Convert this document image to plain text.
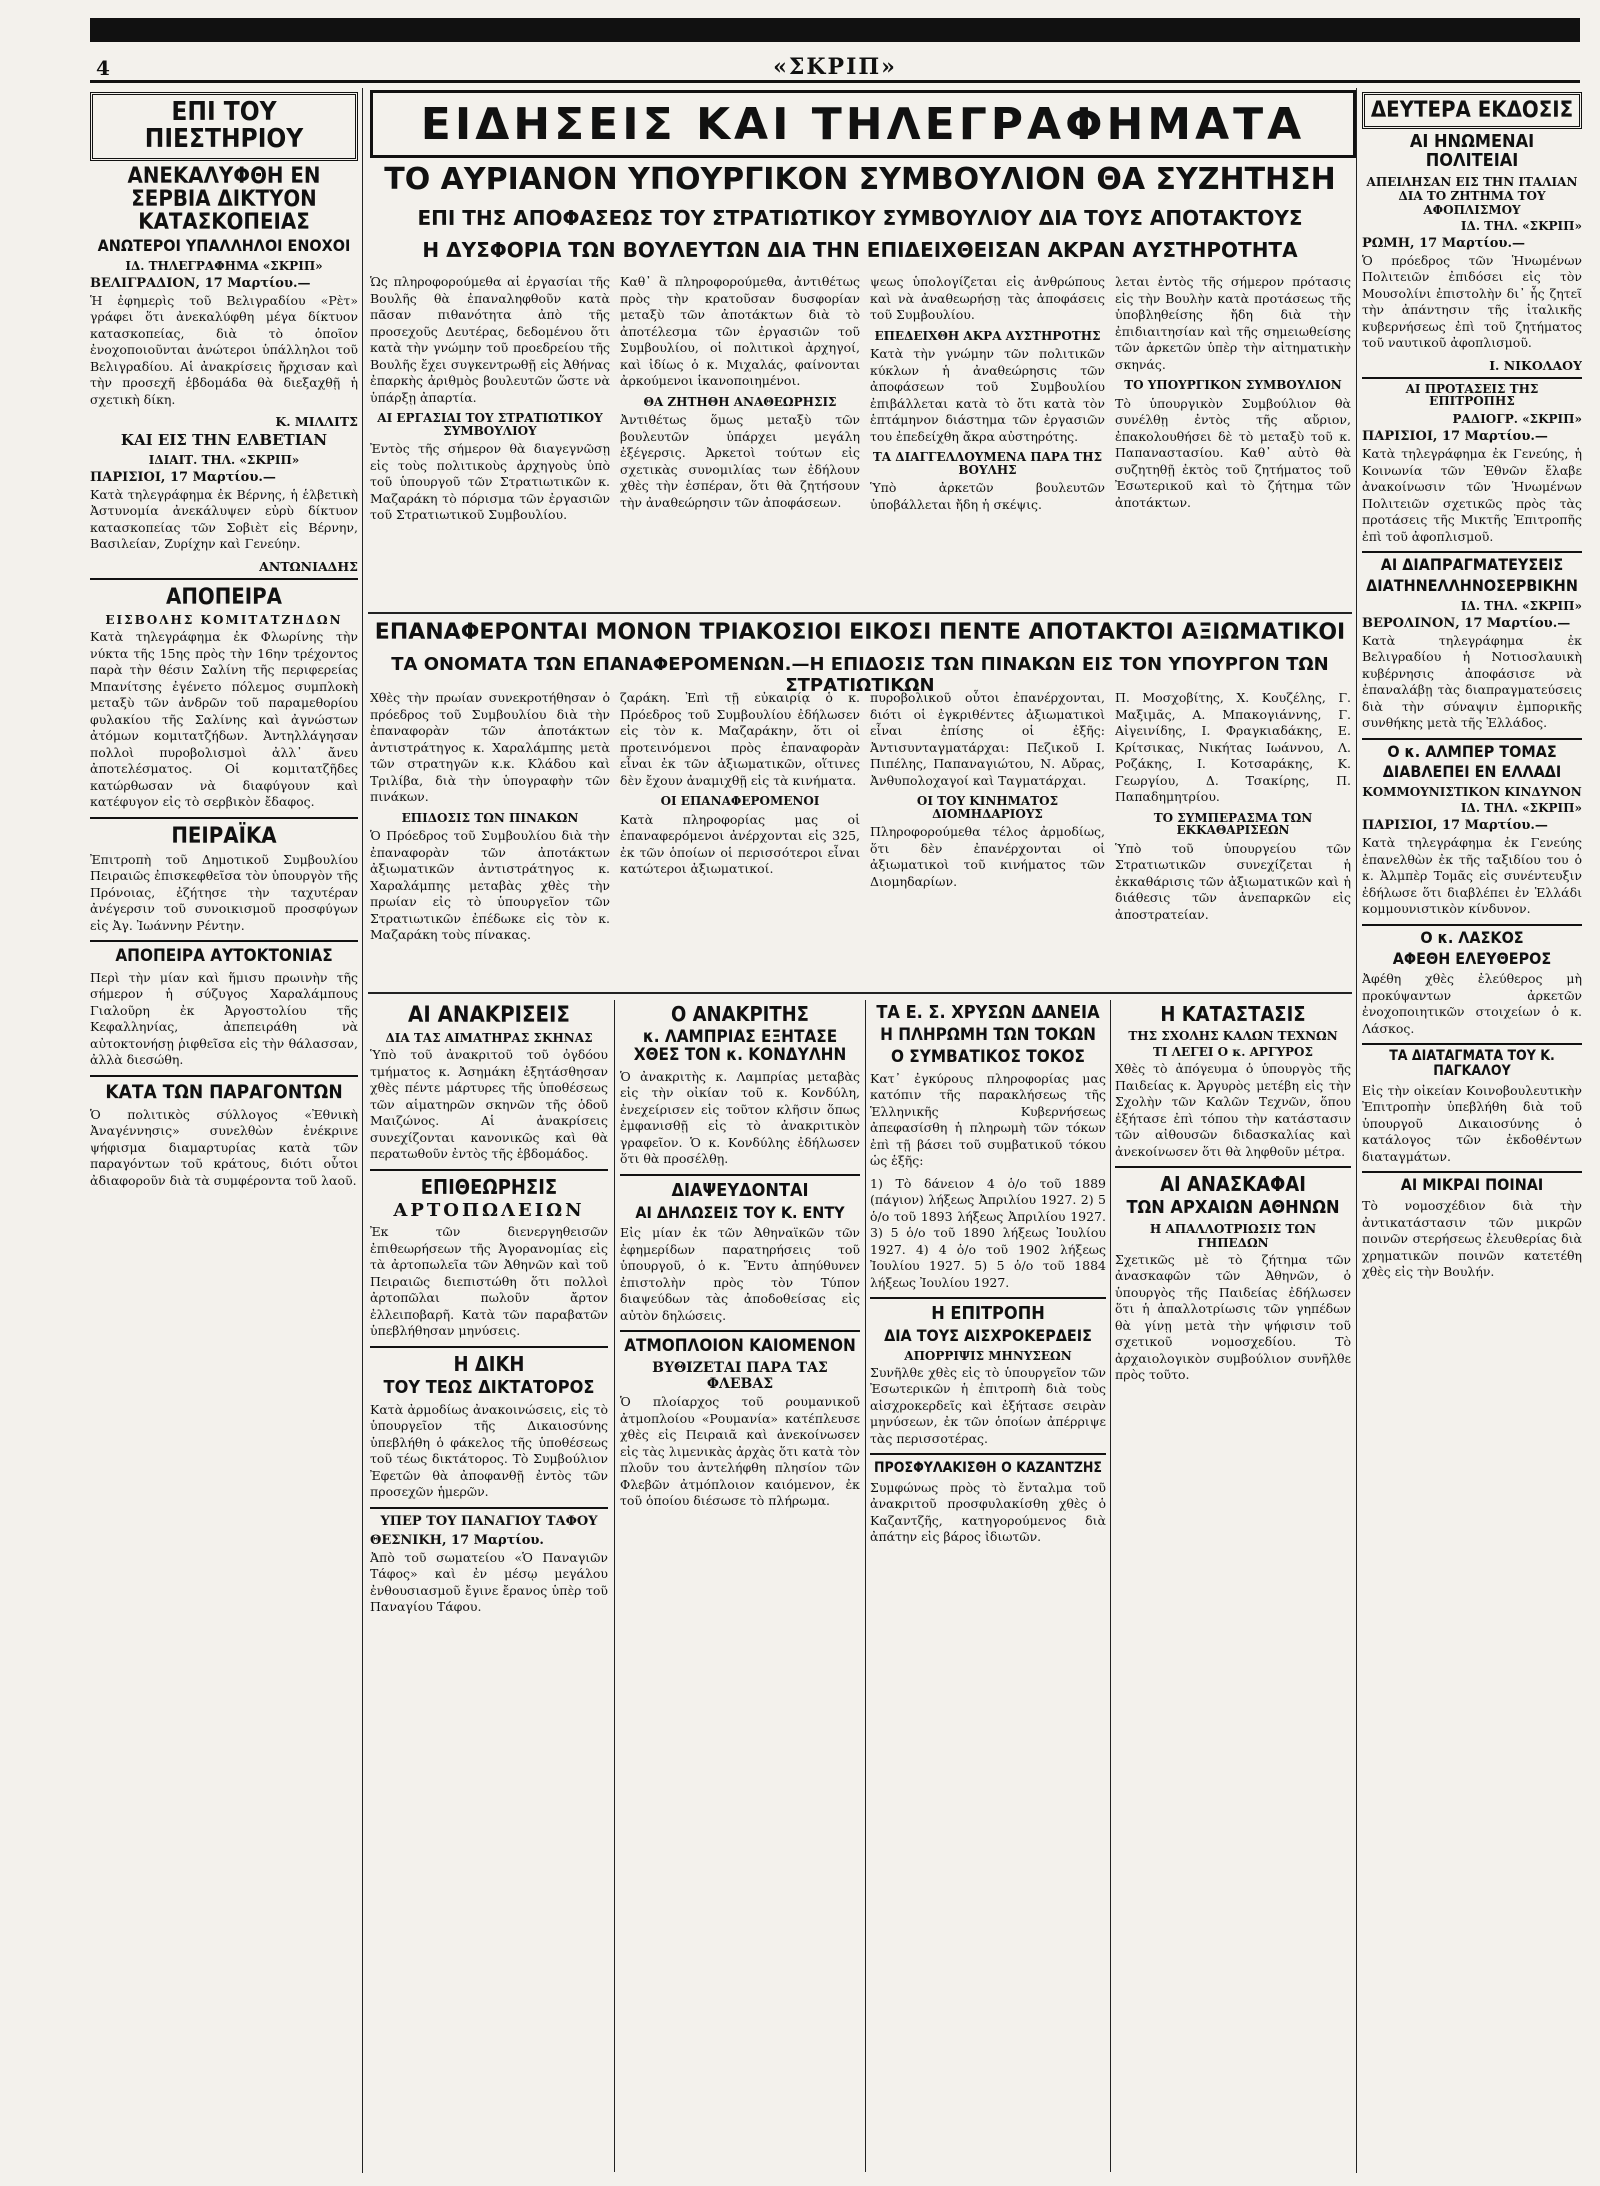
4	«ΣΚΡΙΠ»
ΕΠΙ ΤΟΥ ΠΙΕΣΤΗΡΙΟΥ
ΑΝΕΚΑΛΥΦΘΗ ΕΝ ΣΕΡΒΙΑ ΔΙΚΤΥΟΝ ΚΑΤΑΣΚΟΠΕΙΑΣ
ΑΝΩΤΕΡΟΙ ΥΠΑΛΛΗΛΟΙ ΕΝΟΧΟΙ
ΙΔ. ΤΗΛΕΓΡΑΦΗΜΑ «ΣΚΡΙΠ»
ΒΕΛΙΓΡΑΔΙΟΝ, 17 Μαρτίου.—
Ἡ ἐφημερὶς τοῦ Βελιγραδίου «Ρὲτ» γράφει ὅτι ἀνεκαλύφθη μέγα δίκτυον κατασκοπείας, διὰ τὸ ὁποῖον ἐνοχοποιοῦνται ἀνώτεροι ὑπάλληλοι τοῦ Βελιγραδίου. Αἱ ἀνακρίσεις ἤρχισαν καὶ τὴν προσεχῆ ἑβδομάδα θὰ διεξαχθῇ ἡ σχετικὴ δίκη.
Κ. ΜΙΛΛΙΤΣ
ΚΑΙ ΕΙΣ ΤΗΝ ΕΛΒΕΤΙΑΝ
ΙΔΙΑΙΤ. ΤΗΛ. «ΣΚΡΙΠ»
ΠΑΡΙΣΙΟΙ, 17 Μαρτίου.—
Κατὰ τηλεγράφημα ἐκ Βέρνης, ἡ ἑλβετικὴ Ἀστυνομία ἀνεκάλυψεν εὐρὺ δίκτυον κατασκοπείας τῶν Σοβιὲτ εἰς Βέρνην, Βασιλείαν, Ζυρίχην καὶ Γενεύην.
ΑΝΤΩΝΙΑΔΗΣ
ΑΠΟΠΕΙΡΑ
ΕΙΣΒΟΛΗΣ ΚΟΜΙΤΑΤΖΗΔΩΝ
Κατὰ τηλεγράφημα ἐκ Φλωρίνης τὴν νύκτα τῆς 15ης πρὸς τὴν 16ην τρέχοντος παρὰ τὴν θέσιν Σαλίνη τῆς περιφερείας Μπανίτσης ἐγένετο πόλεμος συμπλοκὴ μεταξὺ τῶν ἀνδρῶν τοῦ παραμεθορίου φυλακίου τῆς Σαλίνης καὶ ἀγνώστων ἀτόμων κομιτατζήδων. Ἀντηλλάγησαν πολλοὶ πυροβολισμοὶ ἀλλ᾽ ἄνευ ἀποτελέσματος. Οἱ κομιτατζῆδες κατώρθωσαν νὰ διαφύγουν καὶ κατέφυγον εἰς τὸ σερβικὸν ἔδαφος.
ΠΕΙΡΑΪΚΑ
Ἐπιτροπὴ τοῦ Δημοτικοῦ Συμβουλίου Πειραιῶς ἐπισκεφθεῖσα τὸν ὑπουργὸν τῆς Πρόνοιας, ἐζήτησε τὴν ταχυτέραν ἀνέγερσιν τοῦ συνοικισμοῦ προσφύγων εἰς Ἀγ. Ἰωάννην Ρέντην.
ΑΠΟΠΕΙΡΑ ΑΥΤΟΚΤΟΝΙΑΣ
Περὶ τὴν μίαν καὶ ἥμισυ πρωινὴν τῆς σήμερον ἡ σύζυγος Χαραλάμπους Γιαλοῦρη ἐκ Ἀργοστολίου τῆς Κεφαλληνίας, ἀπεπειράθη νὰ αὐτοκτονήσῃ ῥιφθεῖσα εἰς τὴν θάλασσαν, ἀλλὰ διεσώθη.
ΚΑΤΑ ΤΩΝ ΠΑΡΑΓΟΝΤΩΝ
Ὁ πολιτικὸς σύλλογος «Ἐθνικὴ Ἀναγέννησις» συνελθὼν ἐνέκρινε ψήφισμα διαμαρτυρίας κατὰ τῶν παραγόντων τοῦ κράτους, διότι οὗτοι ἀδιαφοροῦν διὰ τὰ συμφέροντα τοῦ λαοῦ.
ΕΙΔΗΣΕΙΣ ΚΑΙ ΤΗΛΕΓΡΑΦΗΜΑΤΑ
ΤΟ ΑΥΡΙΑΝΟΝ ΥΠΟΥΡΓΙΚΟΝ ΣΥΜΒΟΥΛΙΟΝ ΘΑ ΣΥΖΗΤΗΣΗ
ΕΠΙ ΤΗΣ ΑΠΟΦΑΣΕΩΣ ΤΟΥ ΣΤΡΑΤΙΩΤΙΚΟΥ ΣΥΜΒΟΥΛΙΟΥ ΔΙΑ ΤΟΥΣ ΑΠΟΤΑΚΤΟΥΣ
Η ΔΥΣΦΟΡΙΑ ΤΩΝ ΒΟΥΛΕΥΤΩΝ ΔΙΑ ΤΗΝ ΕΠΙΔΕΙΧΘΕΙΣΑΝ ΑΚΡΑΝ ΑΥΣΤΗΡΟΤΗΤΑ
Ὡς πληροφορούμεθα αἱ ἐργασίαι τῆς Βουλῆς θὰ ἐπαναληφθοῦν κατὰ πᾶσαν πιθανότητα ἀπὸ τῆς προσεχοῦς Δευτέρας, δεδομένου ὅτι κατὰ τὴν γνώμην τοῦ προεδρείου τῆς Βουλῆς ἔχει συγκεντρωθῇ εἰς Ἀθήνας ἐπαρκὴς ἀριθμὸς βουλευτῶν ὥστε νὰ ὑπάρξῃ ἀπαρτία.
ΑΙ ΕΡΓΑΣΙΑΙ ΤΟΥ ΣΤΡΑΤΙΩΤΙΚΟΥ ΣΥΜΒΟΥΛΙΟΥ
Ἐντὸς τῆς σήμερον θὰ διαγεγνῶσῃ εἰς τοὺς πολιτικοὺς ἀρχηγοὺς ὑπὸ τοῦ ὑπουργοῦ τῶν Στρατιωτικῶν κ. Μαζαράκη τὸ πόρισμα τῶν ἐργασιῶν τοῦ Στρατιωτικοῦ Συμβουλίου.
Καθ᾽ ἃ πληροφορούμεθα, ἀντιθέτως πρὸς τὴν κρατοῦσαν δυσφορίαν μεταξὺ τῶν ἀποτάκτων διὰ τὸ ἀποτέλεσμα τῶν ἐργασιῶν τοῦ Συμβουλίου, οἱ πολιτικοὶ ἀρχηγοί, καὶ ἰδίως ὁ κ. Μιχαλάς, φαίνονται ἀρκούμενοι ἱκανοποιημένοι.
ΘΑ ΖΗΤΗΘΗ ΑΝΑΘΕΩΡΗΣΙΣ
Ἀντιθέτως ὅμως μεταξὺ τῶν βουλευτῶν ὑπάρχει μεγάλη ἐξέγερσις. Ἀρκετοὶ τούτων εἰς σχετικὰς συνομιλίας των ἐδήλουν χθὲς τὴν ἑσπέραν, ὅτι θὰ ζητήσουν τὴν ἀναθεώρησιν τῶν ἀποφάσεων.
ψεως ὑπολογίζεται εἰς ἀνθρώπους καὶ νὰ ἀναθεωρήσῃ τὰς ἀποφάσεις τοῦ Συμβουλίου.
ΕΠΕΔΕΙΧΘΗ ΑΚΡΑ ΑΥΣΤΗΡΟΤΗΣ
Κατὰ τὴν γνώμην τῶν πολιτικῶν κύκλων ἡ ἀναθεώρησις τῶν ἀποφάσεων τοῦ Συμβουλίου ἐπιβάλλεται κατὰ τὸ ὅτι κατὰ τὸν ἑπτάμηνον διάστημα τῶν ἐργασιῶν του ἐπεδείχθη ἄκρα αὐστηρότης.
ΤΑ ΔΙΑΓΓΕΛΛΟΥΜΕΝΑ ΠΑΡΑ ΤΗΣ ΒΟΥΛΗΣ
Ὑπὸ ἀρκετῶν βουλευτῶν ὑποβάλλεται ἤδη ἡ σκέψις.
λεται ἐντὸς τῆς σήμερον πρότασις εἰς τὴν Βουλὴν κατὰ προτάσεως τῆς ὑποβληθείσης ἤδη διὰ τὴν ἐπιδιαιτησίαν καὶ τῆς σημειωθείσης τῶν ἀρκετῶν ὑπὲρ τὴν αἰτηματικὴν σκηνάς.
ΤΟ ΥΠΟΥΡΓΙΚΟΝ ΣΥΜΒΟΥΛΙΟΝ
Τὸ ὑπουργικὸν Συμβούλιον θὰ συνέλθῃ ἐντὸς τῆς αὔριον, ἐπακολουθήσει δὲ τὸ μεταξὺ τοῦ κ. Παπαναστασίου. Καθ᾽ αὐτὸ θὰ συζητηθῇ ἐκτὸς τοῦ ζητήματος τοῦ Ἐσωτερικοῦ καὶ τὸ ζήτημα τῶν ἀποτάκτων.
ΕΠΑΝΑΦΕΡΟΝΤΑΙ ΜΟΝΟΝ ΤΡΙΑΚΟΣΙΟΙ ΕΙΚΟΣΙ ΠΕΝΤΕ ΑΠΟΤΑΚΤΟΙ ΑΞΙΩΜΑΤΙΚΟΙ
ΤΑ ΟΝΟΜΑΤΑ ΤΩΝ ΕΠΑΝΑΦΕΡΟΜΕΝΩΝ.—Η ΕΠΙΔΟΣΙΣ ΤΩΝ ΠΙΝΑΚΩΝ ΕΙΣ ΤΟΝ ΥΠΟΥΡΓΟΝ ΤΩΝ ΣΤΡΑΤΙΩΤΙΚΩΝ
Χθὲς τὴν πρωίαν συνεκροτήθησαν ὁ πρόεδρος τοῦ Συμβουλίου διὰ τὴν ἐπαναφορὰν τῶν ἀποτάκτων ἀντιστράτηγος κ. Χαραλάμπης μετὰ τῶν στρατηγῶν κ.κ. Κλάδου καὶ Τριλίβα, διὰ τὴν ὑπογραφὴν τῶν πινάκων.
ΕΠΙΔΟΣΙΣ ΤΩΝ ΠΙΝΑΚΩΝ
Ὁ Πρόεδρος τοῦ Συμβουλίου διὰ τὴν ἐπαναφορὰν τῶν ἀποτάκτων ἀξιωματικῶν ἀντιστράτηγος κ. Χαραλάμπης μεταβὰς χθὲς τὴν πρωίαν εἰς τὸ ὑπουργεῖον τῶν Στρατιωτικῶν ἐπέδωκε εἰς τὸν κ. Μαζαράκη τοὺς πίνακας.
ζαράκη. Ἐπὶ τῇ εὐκαιρίᾳ ὁ κ. Πρόεδρος τοῦ Συμβουλίου ἐδήλωσεν εἰς τὸν κ. Μαζαράκην, ὅτι οἱ προτεινόμενοι πρὸς ἐπαναφορὰν εἶναι ἐκ τῶν ἀξιωματικῶν, οἵτινες δὲν ἔχουν ἀναμιχθῇ εἰς τὰ κινήματα.
ΟΙ ΕΠΑΝΑΦΕΡΟΜΕΝΟΙ
Κατὰ πληροφορίας μας οἱ ἐπαναφερόμενοι ἀνέρχονται εἰς 325, ἐκ τῶν ὁποίων οἱ περισσότεροι εἶναι κατώτεροι ἀξιωματικοί.
πυροβολικοῦ οὗτοι ἐπανέρχονται, διότι οἱ ἐγκριθέντες ἀξιωματικοὶ εἶναι ἐπίσης οἱ ἐξῆς: Ἀντισυνταγματάρχαι: Πεζικοῦ Ι. Πιπέλης, Παπαναγιώτου, Ν. Αὔρας, Ἀνθυπολοχαγοί καὶ Ταγματάρχαι.
ΟΙ ΤΟΥ ΚΙΝΗΜΑΤΟΣ ΔΙΟΜΗΔΑΡΙΟΥΣ
Πληροφορούμεθα τέλος ἀρμοδίως, ὅτι δὲν ἐπανέρχονται οἱ ἀξιωματικοὶ τοῦ κινήματος τῶν Διομηδαρίων.
Π. Μοσχοβίτης, Χ. Κουζέλης, Γ. Μαξιμᾶς, Α. Μπακογιάννης, Γ. Αἰγεινίδης, Ι. Φραγκιαδάκης, Ε. Κρίτσικας, Νικήτας Ιωάννου, Λ. Ροζάκης, Ι. Κοτσαράκης, Κ. Γεωργίου, Δ. Τσακίρης, Π. Παπαδημητρίου.
ΤΟ ΣΥΜΠΕΡΑΣΜΑ ΤΩΝ ΕΚΚΑΘΑΡΙΣΕΩΝ
Ὑπὸ τοῦ ὑπουργείου τῶν Στρατιωτικῶν συνεχίζεται ἡ ἐκκαθάρισις τῶν ἀξιωματικῶν καὶ ἡ διάθεσις τῶν ἀνεπαρκῶν εἰς ἀποστρατείαν.
ΑΙ ΑΝΑΚΡΙΣΕΙΣ
ΔΙΑ ΤΑΣ ΑΙΜΑΤΗΡΑΣ ΣΚΗΝΑΣ
Ὑπὸ τοῦ ἀνακριτοῦ τοῦ ὀγδόου τμήματος κ. Ἀσημάκη ἐξητάσθησαν χθὲς πέντε μάρτυρες τῆς ὑποθέσεως τῶν αἱματηρῶν σκηνῶν τῆς ὁδοῦ Μαιζώνος. Αἱ ἀνακρίσεις συνεχίζονται κανονικῶς καὶ θὰ περατωθοῦν ἐντὸς τῆς ἑβδομάδος.
ΕΠΙΘΕΩΡΗΣΙΣ
ΑΡΤΟΠΩΛΕΙΩΝ
Ἐκ τῶν διενεργηθεισῶν ἐπιθεωρήσεων τῆς Ἀγορανομίας εἰς τὰ ἀρτοπωλεῖα τῶν Ἀθηνῶν καὶ τοῦ Πειραιῶς διεπιστώθη ὅτι πολλοὶ ἀρτοπῶλαι πωλοῦν ἄρτον ἐλλειποβαρῆ. Κατὰ τῶν παραβατῶν ὑπεβλήθησαν μηνύσεις.
Η ΔΙΚΗ
ΤΟΥ ΤΕΩΣ ΔΙΚΤΑΤΟΡΟΣ
Κατὰ ἀρμοδίως ἀνακοινώσεις, εἰς τὸ ὑπουργεῖον τῆς Δικαιοσύνης ὑπεβλήθη ὁ φάκελος τῆς ὑποθέσεως τοῦ τέως δικτάτορος. Τὸ Συμβούλιον Ἐφετῶν θὰ ἀποφανθῇ ἐντὸς τῶν προσεχῶν ἡμερῶν.
ΥΠΕΡ ΤΟΥ ΠΑΝΑΓΙΟΥ ΤΑΦΟΥ
ΘΕΣΝΙΚΗ, 17 Μαρτίου.
Ἀπὸ τοῦ σωματείου «Ὁ Παναγιῶν Τάφος» καὶ ἐν μέσῳ μεγάλου ἐνθουσιασμοῦ ἔγινε ἔρανος ὑπὲρ τοῦ Παναγίου Τάφου.
Ο ΑΝΑΚΡΙΤΗΣ
κ. ΛΑΜΠΡΙΑΣ ΕΞΗΤΑΣΕ ΧΘΕΣ ΤΟΝ κ. ΚΟΝΔΥΛΗΝ
Ὁ ἀνακριτὴς κ. Λαμπρίας μεταβὰς εἰς τὴν οἰκίαν τοῦ κ. Κονδύλη, ἐνεχείρισεν εἰς τοῦτον κλῆσιν ὅπως ἐμφανισθῇ εἰς τὸ ἀνακριτικὸν γραφεῖον. Ὁ κ. Κονδύλης ἐδήλωσεν ὅτι θὰ προσέλθῃ.
ΔΙΑΨΕΥΔΟΝΤΑΙ
ΑΙ ΔΗΛΩΣΕΙΣ ΤΟΥ Κ. ΕΝΤΥ
Εἰς μίαν ἐκ τῶν Ἀθηναϊκῶν τῶν ἐφημερίδων παρατηρήσεις τοῦ ὑπουργοῦ, ὁ κ. Ἔντυ ἀπηύθυνεν ἐπιστολὴν πρὸς τὸν Τύπον διαψεύδων τὰς ἀποδοθείσας εἰς αὐτὸν δηλώσεις.
ΑΤΜΟΠΛΟΙΟΝ ΚΑΙΟΜΕΝΟΝ
ΒΥΘΙΖΕΤΑΙ ΠΑΡΑ ΤΑΣ ΦΛΕΒΑΣ
Ὁ πλοίαρχος τοῦ ρουμανικοῦ ἀτμοπλοίου «Ρουμανία» κατέπλευσε χθὲς εἰς Πειραιᾶ καὶ ἀνεκοίνωσεν εἰς τὰς λιμενικὰς ἀρχὰς ὅτι κατὰ τὸν πλοῦν του ἀντελήφθη πλησίον τῶν Φλεβῶν ἀτμόπλοιον καιόμενον, ἐκ τοῦ ὁποίου διέσωσε τὸ πλήρωμα.
ΤΑ Ε. Σ. ΧΡΥΣΩΝ ΔΑΝΕΙΑ
Η ΠΛΗΡΩΜΗ ΤΩΝ ΤΟΚΩΝ
Ο ΣΥΜΒΑΤΙΚΟΣ ΤΟΚΟΣ
Κατ᾽ ἐγκύρους πληροφορίας μας κατόπιν τῆς παρακλήσεως τῆς Ἑλληνικῆς Κυβερνήσεως ἀπεφασίσθη ἡ πληρωμὴ τῶν τόκων ἐπὶ τῇ βάσει τοῦ συμβατικοῦ τόκου ὡς ἑξῆς:
1) Τὸ δάνειον 4 ὁ/ο τοῦ 1889 (πάγιον) λήξεως Ἀπριλίου 1927. 2) 5 ὁ/ο τοῦ 1893 λήξεως Ἀπριλίου 1927. 3) 5 ὁ/ο τοῦ 1890 λήξεως Ἰουλίου 1927. 4) 4 ὁ/ο τοῦ 1902 λήξεως Ἰουλίου 1927. 5) 5 ὁ/ο τοῦ 1884 λήξεως Ἰουλίου 1927.
Η ΕΠΙΤΡΟΠΗ
ΔΙΑ ΤΟΥΣ ΑΙΣΧΡΟΚΕΡΔΕΙΣ
ΑΠΟΡΡΙΨΙΣ ΜΗΝΥΣΕΩΝ
Συνῆλθε χθὲς εἰς τὸ ὑπουργεῖον τῶν Ἐσωτερικῶν ἡ ἐπιτροπὴ διὰ τοὺς αἰσχροκερδεῖς καὶ ἐξήτασε σειρὰν μηνύσεων, ἐκ τῶν ὁποίων ἀπέρριψε τὰς περισσοτέρας.
ΠΡΟΣΦΥΛΑΚΙΣΘΗ Ο ΚΑΖΑΝΤΖΗΣ
Συμφώνως πρὸς τὸ ἔνταλμα τοῦ ἀνακριτοῦ προσφυλακίσθη χθὲς ὁ Καζαντζῆς, κατηγορούμενος διὰ ἀπάτην εἰς βάρος ἰδιωτῶν.
Η ΚΑΤΑΣΤΑΣΙΣ
ΤΗΣ ΣΧΟΛΗΣ ΚΑΛΩΝ ΤΕΧΝΩΝ
ΤΙ ΛΕΓΕΙ Ο κ. ΑΡΓΥΡΟΣ
Χθὲς τὸ ἀπόγευμα ὁ ὑπουργὸς τῆς Παιδείας κ. Ἀργυρὸς μετέβη εἰς τὴν Σχολὴν τῶν Καλῶν Τεχνῶν, ὅπου ἐξήτασε ἐπὶ τόπου τὴν κατάστασιν τῶν αἰθουσῶν διδασκαλίας καὶ ἀνεκοίνωσεν ὅτι θὰ ληφθοῦν μέτρα.
ΑΙ ΑΝΑΣΚΑΦΑΙ
ΤΩΝ ΑΡΧΑΙΩΝ ΑΘΗΝΩΝ
Η ΑΠΑΛΛΟΤΡΙΩΣΙΣ ΤΩΝ ΓΗΠΕΔΩΝ
Σχετικῶς μὲ τὸ ζήτημα τῶν ἀνασκαφῶν τῶν Ἀθηνῶν, ὁ ὑπουργὸς τῆς Παιδείας ἐδήλωσεν ὅτι ἡ ἀπαλλοτρίωσις τῶν γηπέδων θὰ γίνῃ μετὰ τὴν ψήφισιν τοῦ σχετικοῦ νομοσχεδίου. Τὸ ἀρχαιολογικὸν συμβούλιον συνῆλθε πρὸς τοῦτο.
ΔΕΥΤΕΡΑ ΕΚΔΟΣΙΣ
ΑΙ ΗΝΩΜΕΝΑΙ ΠΟΛΙΤΕΙΑΙ
ΑΠΕΙΛΗΣΑΝ ΕΙΣ ΤΗΝ ΙΤΑΛΙΑΝ ΔΙΑ ΤΟ ΖΗΤΗΜΑ ΤΟΥ ΑΦΟΠΛΙΣΜΟΥ
ΙΔ. ΤΗΛ. «ΣΚΡΙΠ»
ΡΩΜΗ, 17 Μαρτίου.—
Ὁ πρόεδρος τῶν Ἡνωμένων Πολιτειῶν ἐπιδόσει εἰς τὸν Μουσολίνι ἐπιστολὴν δι᾽ ἧς ζητεῖ τὴν ἀπάντησιν τῆς ἰταλικῆς κυβερνήσεως ἐπὶ τοῦ ζητήματος τοῦ ναυτικοῦ ἀφοπλισμοῦ.
Ι. ΝΙΚΟΛΑΟΥ
ΑΙ ΠΡΟΤΑΣΕΙΣ ΤΗΣ ΕΠΙΤΡΟΠΗΣ
ΡΑΔΙΟΓΡ. «ΣΚΡΙΠ»
ΠΑΡΙΣΙΟΙ, 17 Μαρτίου.—
Κατὰ τηλεγράφημα ἐκ Γενεύης, ἡ Κοινωνία τῶν Ἐθνῶν ἔλαβε ἀνακοίνωσιν τῶν Ἡνωμένων Πολιτειῶν σχετικῶς πρὸς τὰς προτάσεις τῆς Μικτῆς Ἐπιτροπῆς ἐπὶ τοῦ ἀφοπλισμοῦ.
ΑΙ ΔΙΑΠΡΑΓΜΑΤΕΥΣΕΙΣ
ΔΙΑΤΗΝΕΛΛΗΝΟΣΕΡΒΙΚΗΝ
ΙΔ. ΤΗΛ. «ΣΚΡΙΠ»
ΒΕΡΟΛΙΝΟΝ, 17 Μαρτίου.—
Κατὰ τηλεγράφημα ἐκ Βελιγραδίου ἡ Νοτιοσλαυικὴ κυβέρνησις ἀποφάσισε νὰ ἐπαναλάβῃ τὰς διαπραγματεύσεις διὰ τὴν σύναψιν ἐμπορικῆς συνθήκης μετὰ τῆς Ἑλλάδος.
Ο κ. ΑΛΜΠΕΡ ΤΟΜΑΣ
ΔΙΑΒΛΕΠΕΙ ΕΝ ΕΛΛΑΔΙ
ΚΟΜΜΟΥΝΙΣΤΙΚΟΝ ΚΙΝΔΥΝΟΝ
ΙΔ. ΤΗΛ. «ΣΚΡΙΠ»
ΠΑΡΙΣΙΟΙ, 17 Μαρτίου.—
Κατὰ τηλεγράφημα ἐκ Γενεύης ἐπανελθὼν ἐκ τῆς ταξιδίου του ὁ κ. Ἀλμπὲρ Τομᾶς εἰς συνέντευξιν ἐδήλωσε ὅτι διαβλέπει ἐν Ἑλλάδι κομμουνιστικὸν κίνδυνον.
Ο κ. ΛΑΣΚΟΣ
ΑΦΕΘΗ ΕΛΕΥΘΕΡΟΣ
Ἀφέθη χθὲς ἐλεύθερος μὴ προκύψαντων ἀρκετῶν ἐνοχοποιητικῶν στοιχείων ὁ κ. Λάσκος.
ΤΑ ΔΙΑΤΑΓΜΑΤΑ ΤΟΥ Κ. ΠΑΓΚΑΛΟΥ
Εἰς τὴν οἰκείαν Κοινοβουλευτικὴν Ἐπιτροπὴν ὑπεβλήθη διὰ τοῦ ὑπουργοῦ Δικαιοσύνης ὁ κατάλογος τῶν ἐκδοθέντων διαταγμάτων.
ΑΙ ΜΙΚΡΑΙ ΠΟΙΝΑΙ
Τὸ νομοσχέδιον διὰ τὴν ἀντικατάστασιν τῶν μικρῶν ποινῶν στερήσεως ἐλευθερίας διὰ χρηματικῶν ποινῶν κατετέθη χθὲς εἰς τὴν Βουλήν.
